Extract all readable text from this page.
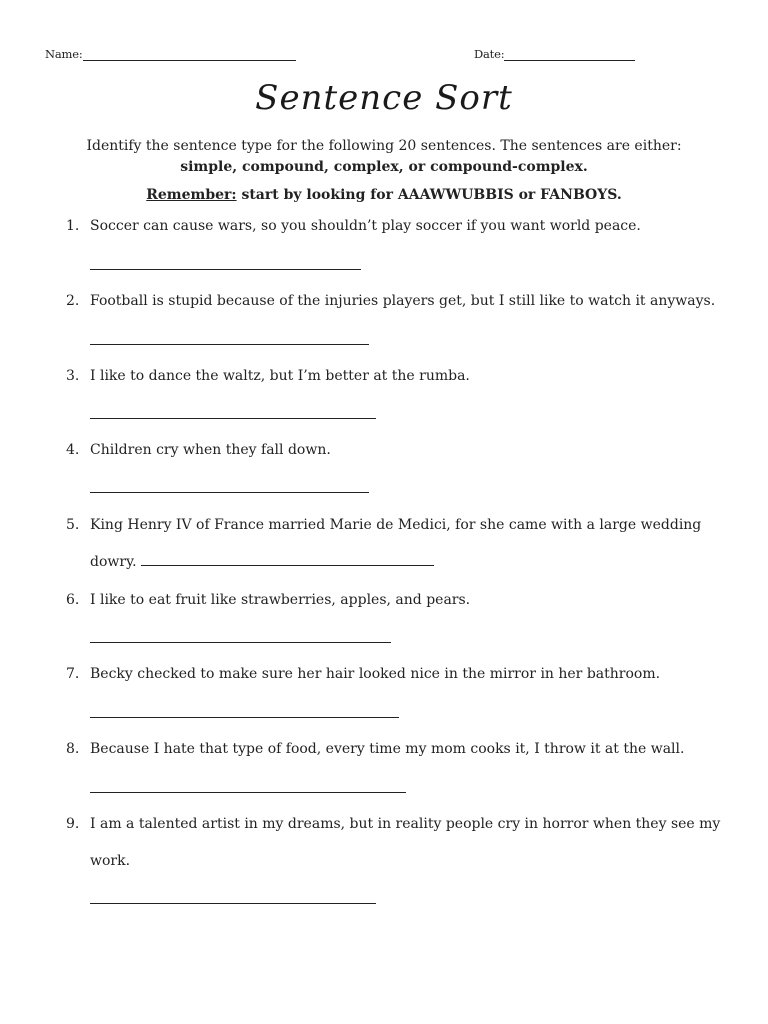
Name:	Date:
Sentence Sort
Identify the sentence type for the following 20 sentences. The sentences are either: simple, compound, complex, or compound-complex.
Remember: start by looking for AAAWWUBBIS or FANBOYS.
1. Soccer can cause wars, so you shouldn’t play soccer if you want world peace.
2. Football is stupid because of the injuries players get, but I still like to watch it anyways.
3. I like to dance the waltz, but I’m better at the rumba.
4. Children cry when they fall down.
5. King Henry IV of France married Marie de Medici, for she came with a large wedding
dowry.
6. I like to eat fruit like strawberries, apples, and pears.
7. Becky checked to make sure her hair looked nice in the mirror in her bathroom.
8. Because I hate that type of food, every time my mom cooks it, I throw it at the wall.
9. I am a talented artist in my dreams, but in reality people cry in horror when they see my
work.
